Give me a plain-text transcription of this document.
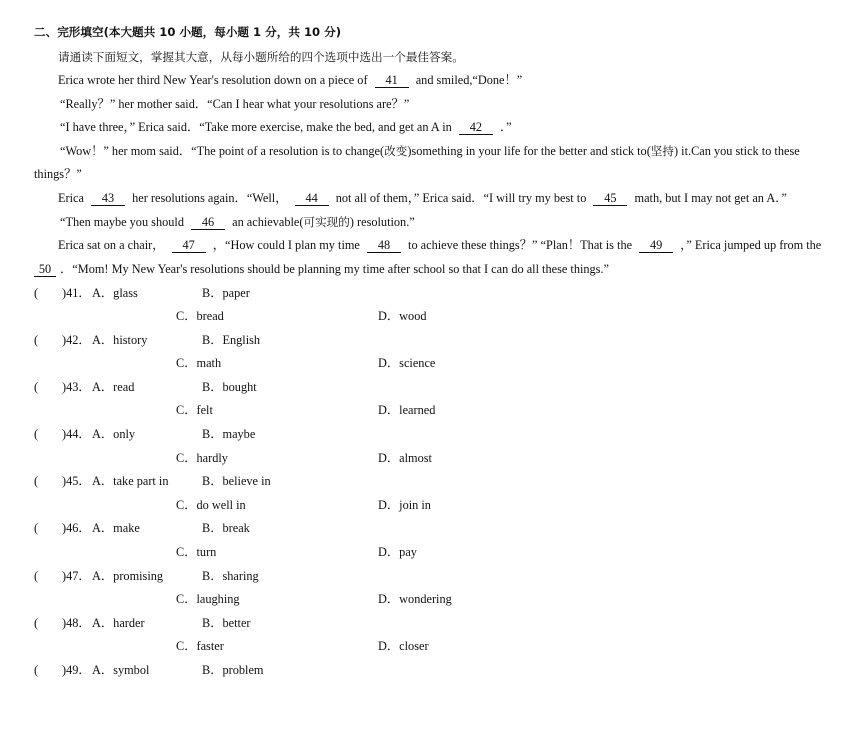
二、完形填空(本大题共 10 小题，每小题 1 分，共 10 分)
请通读下面短文，掌握其大意，从每小题所给的四个选项中选出一个最佳答案。
Erica wrote her third New Year's resolution down on a piece of 41 and smiled,“Done！”
“Really？” her mother said．“Can I hear what your resolutions are？”
“I have three，” Erica said．“Take more exercise, make the bed, and get an A in 42 ．”
“Wow！” her mom said．“The point of a resolution is to change(改变)something in your life for the better and stick to(坚持) it.Can you stick to these
things？”
Erica 43 her resolutions again．“Well， 44 not all of them，” Erica said．“I will try my best to 45 math, but I may not get an A．”
“Then maybe you should 46 an achievable(可实现的) resolution.”
Erica sat on a chair， 47 ，“How could I plan my time 48 to achieve these things？” “Plan！That is the 49 ，” Erica jumped up from the
50 ．“Mom! My New Year's resolutions should be planning my time after school so that I can do all these things.”
( )41．A．glass	B．paper
C．bread	D．wood
( )42．A．history	B．English
C．math	D．science
( )43．A．read	B．bought
C．felt	D．learned
( )44．A．only	B．maybe
C．hardly	D．almost
( )45．A．take part in	B．believe in
C．do well in	D．join in
( )46．A．make	B．break
C．turn	D．pay
( )47．A．promising	B．sharing
C．laughing	D．wondering
( )48．A．harder	B．better
C．faster	D．closer
( )49．A．symbol	B．problem
